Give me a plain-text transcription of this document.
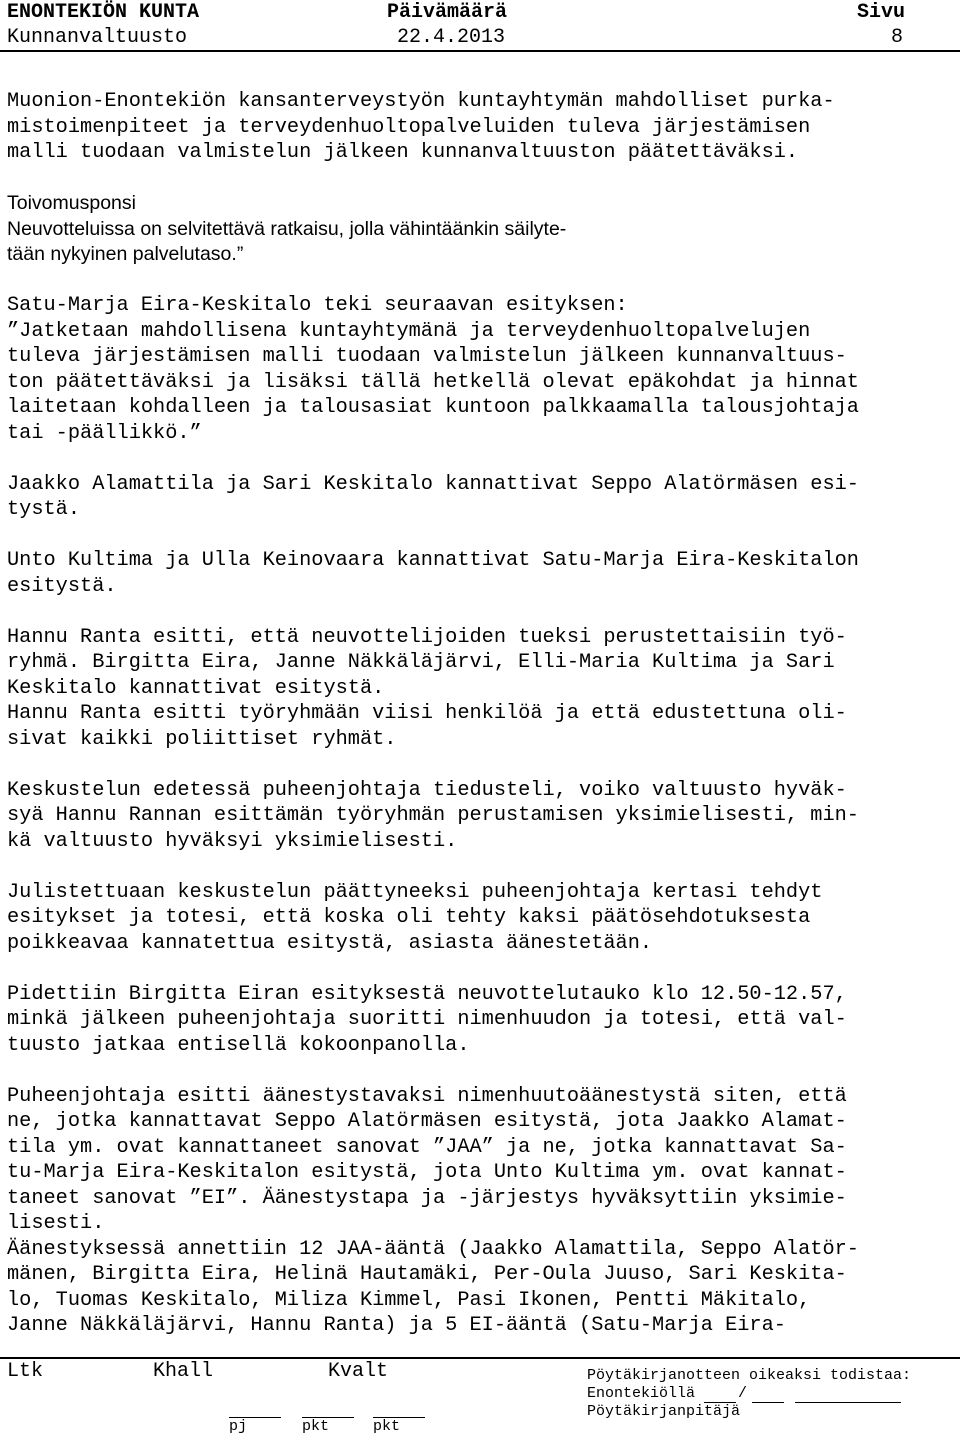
ENONTEKIÖN KUNTA	Päivämäärä	Sivu
Kunnanvaltuusto	22.4.2013	8
Muonion-Enontekiön kansanterveystyön kuntayhtymän mahdolliset purka-
mistoimenpiteet ja terveydenhuoltopalveluiden tuleva järjestämisen
malli tuodaan valmistelun jälkeen kunnanvaltuuston päätettäväksi.
Toivomusponsi
Neuvotteluissa on selvitettävä ratkaisu, jolla vähintäänkin säilyte-
tään nykyinen palvelutaso.”
Satu-Marja Eira-Keskitalo teki seuraavan esityksen:
”Jatketaan mahdollisena kuntayhtymänä ja terveydenhuoltopalvelujen
tuleva järjestämisen malli tuodaan valmistelun jälkeen kunnanvaltuus-
ton päätettäväksi ja lisäksi tällä hetkellä olevat epäkohdat ja hinnat
laitetaan kohdalleen ja talousasiat kuntoon palkkaamalla talousjohtaja
tai -päällikkö.”
Jaakko Alamattila ja Sari Keskitalo kannattivat Seppo Alatörmäsen esi-
tystä.
Unto Kultima ja Ulla Keinovaara kannattivat Satu-Marja Eira-Keskitalon
esitystä.
Hannu Ranta esitti, että neuvottelijoiden tueksi perustettaisiin työ-
ryhmä. Birgitta Eira, Janne Näkkäläjärvi, Elli-Maria Kultima ja Sari
Keskitalo kannattivat esitystä.
Hannu Ranta esitti työryhmään viisi henkilöä ja että edustettuna oli-
sivat kaikki poliittiset ryhmät.
Keskustelun edetessä puheenjohtaja tiedusteli, voiko valtuusto hyväk-
syä Hannu Rannan esittämän työryhmän perustamisen yksimielisesti, min-
kä valtuusto hyväksyi yksimielisesti.
Julistettuaan keskustelun päättyneeksi puheenjohtaja kertasi tehdyt
esitykset ja totesi, että koska oli tehty kaksi päätösehdotuksesta
poikkeavaa kannatettua esitystä, asiasta äänestetään.
Pidettiin Birgitta Eiran esityksestä neuvottelutauko klo 12.50-12.57,
minkä jälkeen puheenjohtaja suoritti nimenhuudon ja totesi, että val-
tuusto jatkaa entisellä kokoonpanolla.
Puheenjohtaja esitti äänestystavaksi nimenhuutoäänestystä siten, että
ne, jotka kannattavat Seppo Alatörmäsen esitystä, jota Jaakko Alamat-
tila ym. ovat kannattaneet sanovat ”JAA” ja ne, jotka kannattavat Sa-
tu-Marja Eira-Keskitalon esitystä, jota Unto Kultima ym. ovat kannat-
taneet sanovat ”EI”. Äänestystapa ja -järjestys hyväksyttiin yksimie-
lisesti.
Äänestyksessä annettiin 12 JAA-ääntä (Jaakko Alamattila, Seppo Alatör-
mänen, Birgitta Eira, Helinä Hautamäki, Per-Oula Juuso, Sari Keskita-
lo, Tuomas Keskitalo, Miliza Kimmel, Pasi Ikonen, Pentti Mäkitalo,
Janne Näkkäläjärvi, Hannu Ranta) ja 5 EI-ääntä (Satu-Marja Eira-
Ltk	Khall	Kvalt
pj	pkt	pkt
Pöytäkirjanotteen oikeaksi todistaa:
Enontekiöllä	/
Pöytäkirjanpitäjä
